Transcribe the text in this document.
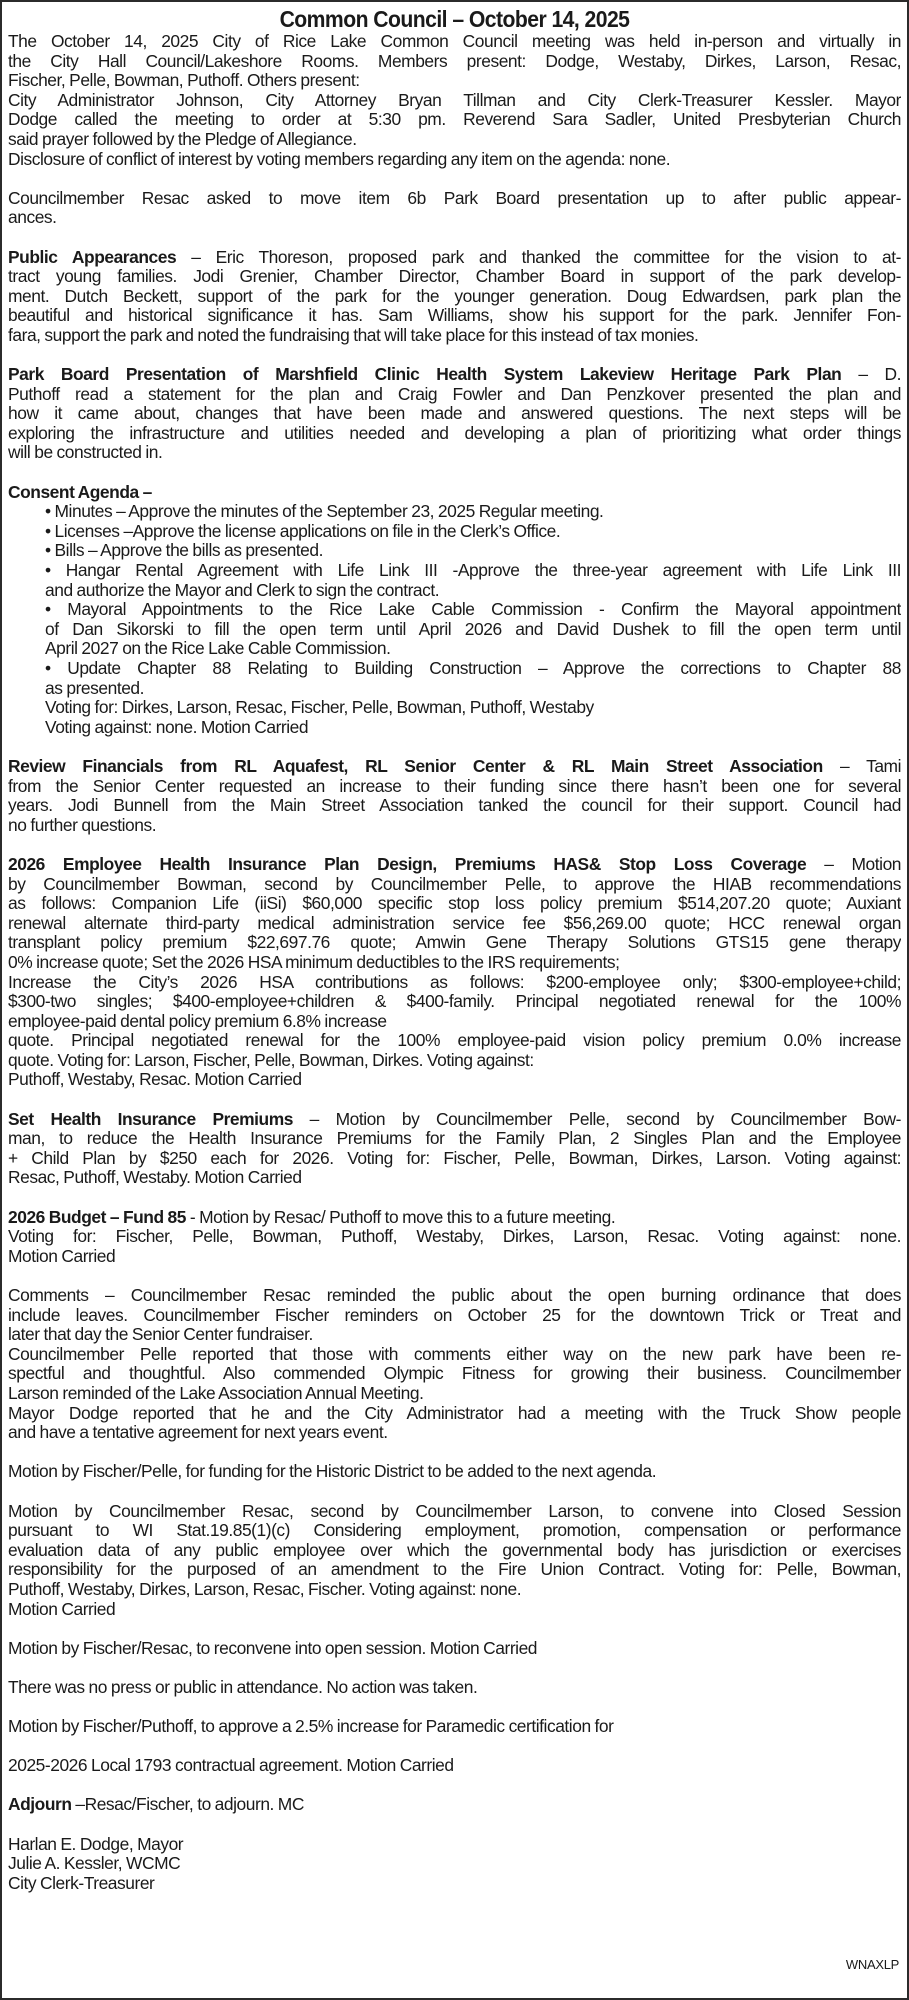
Common Council – October 14, 2025
The October 14, 2025 City of Rice Lake Common Council meeting was held in-person and virtually in
the City Hall Council/Lakeshore Rooms. Members present: Dodge, Westaby, Dirkes, Larson, Resac,
Fischer, Pelle, Bowman, Puthoff. Others present:
City Administrator Johnson, City Attorney Bryan Tillman and City Clerk-Treasurer Kessler. Mayor
Dodge called the meeting to order at 5:30 pm. Reverend Sara Sadler, United Presbyterian Church
said prayer followed by the Pledge of Allegiance.
Disclosure of conflict of interest by voting members regarding any item on the agenda: none.
Councilmember Resac asked to move item 6b Park Board presentation up to after public appear-
ances.
Public Appearances – Eric Thoreson, proposed park and thanked the committee for the vision to at-
tract young families. Jodi Grenier, Chamber Director, Chamber Board in support of the park develop-
ment. Dutch Beckett, support of the park for the younger generation. Doug Edwardsen, park plan the
beautiful and historical significance it has. Sam Williams, show his support for the park. Jennifer Fon-
fara, support the park and noted the fundraising that will take place for this instead of tax monies.
Park Board Presentation of Marshfield Clinic Health System Lakeview Heritage Park Plan – D.
Puthoff read a statement for the plan and Craig Fowler and Dan Penzkover presented the plan and
how it came about, changes that have been made and answered questions. The next steps will be
exploring the infrastructure and utilities needed and developing a plan of prioritizing what order things
will be constructed in.
Consent Agenda –
• Minutes – Approve the minutes of the September 23, 2025 Regular meeting.
• Licenses –Approve the license applications on file in the Clerk’s Office.
• Bills – Approve the bills as presented.
• Hangar Rental Agreement with Life Link III -Approve the three-year agreement with Life Link III
and authorize the Mayor and Clerk to sign the contract.
• Mayoral Appointments to the Rice Lake Cable Commission - Confirm the Mayoral appointment
of Dan Sikorski to fill the open term until April 2026 and David Dushek to fill the open term until
April 2027 on the Rice Lake Cable Commission.
• Update Chapter 88 Relating to Building Construction – Approve the corrections to Chapter 88
as presented.
Voting for: Dirkes, Larson, Resac, Fischer, Pelle, Bowman, Puthoff, Westaby
Voting against: none. Motion Carried
Review Financials from RL Aquafest, RL Senior Center & RL Main Street Association – Tami
from the Senior Center requested an increase to their funding since there hasn’t been one for several
years. Jodi Bunnell from the Main Street Association tanked the council for their support. Council had
no further questions.
2026 Employee Health Insurance Plan Design, Premiums HAS& Stop Loss Coverage – Motion
by Councilmember Bowman, second by Councilmember Pelle, to approve the HIAB recommendations
as follows: Companion Life (iiSi) $60,000 specific stop loss policy premium $514,207.20 quote; Auxiant
renewal alternate third-party medical administration service fee $56,269.00 quote; HCC renewal organ
transplant policy premium $22,697.76 quote; Amwin Gene Therapy Solutions GTS15 gene therapy
0% increase quote; Set the 2026 HSA minimum deductibles to the IRS requirements;
Increase the City’s 2026 HSA contributions as follows: $200-employee only; $300-employee+child;
$300-two singles; $400-employee+children & $400-family. Principal negotiated renewal for the 100%
employee-paid dental policy premium 6.8% increase
quote. Principal negotiated renewal for the 100% employee-paid vision policy premium 0.0% increase
quote. Voting for: Larson, Fischer, Pelle, Bowman, Dirkes. Voting against:
Puthoff, Westaby, Resac. Motion Carried
Set Health Insurance Premiums – Motion by Councilmember Pelle, second by Councilmember Bow-
man, to reduce the Health Insurance Premiums for the Family Plan, 2 Singles Plan and the Employee
+ Child Plan by $250 each for 2026. Voting for: Fischer, Pelle, Bowman, Dirkes, Larson. Voting against:
Resac, Puthoff, Westaby. Motion Carried
2026 Budget – Fund 85 - Motion by Resac/ Puthoff to move this to a future meeting.
Voting for: Fischer, Pelle, Bowman, Puthoff, Westaby, Dirkes, Larson, Resac. Voting against: none.
Motion Carried
Comments – Councilmember Resac reminded the public about the open burning ordinance that does
include leaves. Councilmember Fischer reminders on October 25 for the downtown Trick or Treat and
later that day the Senior Center fundraiser.
Councilmember Pelle reported that those with comments either way on the new park have been re-
spectful and thoughtful. Also commended Olympic Fitness for growing their business. Councilmember
Larson reminded of the Lake Association Annual Meeting.
Mayor Dodge reported that he and the City Administrator had a meeting with the Truck Show people
and have a tentative agreement for next years event.
Motion by Fischer/Pelle, for funding for the Historic District to be added to the next agenda.
Motion by Councilmember Resac, second by Councilmember Larson, to convene into Closed Session
pursuant to WI Stat.19.85(1)(c) Considering employment, promotion, compensation or performance
evaluation data of any public employee over which the governmental body has jurisdiction or exercises
responsibility for the purposed of an amendment to the Fire Union Contract. Voting for: Pelle, Bowman,
Puthoff, Westaby, Dirkes, Larson, Resac, Fischer. Voting against: none.
Motion Carried
Motion by Fischer/Resac, to reconvene into open session. Motion Carried
There was no press or public in attendance. No action was taken.
Motion by Fischer/Puthoff, to approve a 2.5% increase for Paramedic certification for
2025-2026 Local 1793 contractual agreement. Motion Carried
Adjourn –Resac/Fischer, to adjourn. MC
Harlan E. Dodge, Mayor
Julie A. Kessler, WCMC
City Clerk-Treasurer
WNAXLP
